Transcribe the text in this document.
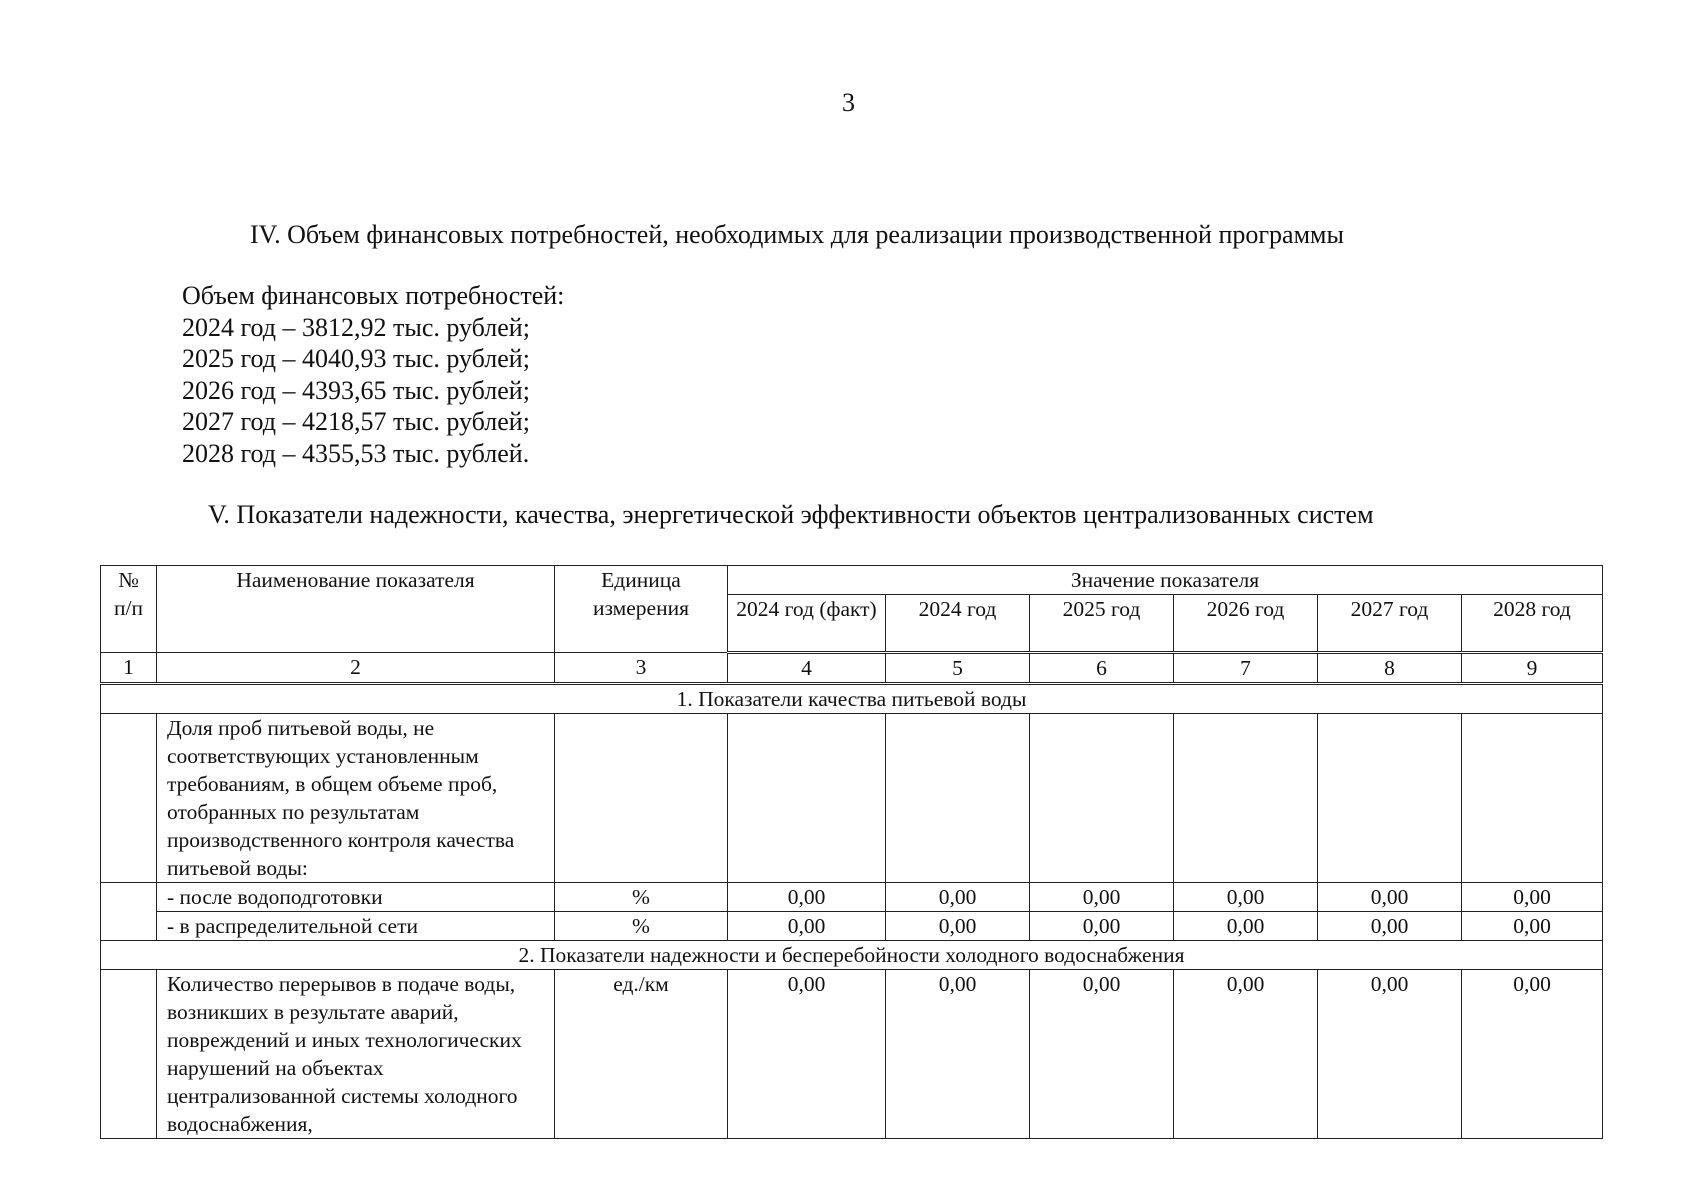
3
IV. Объем финансовых потребностей, необходимых для реализации производственной программы
Объем финансовых потребностей:
2024 год – 3812,92 тыс. рублей;
2025 год – 4040,93 тыс. рублей;
2026 год – 4393,65 тыс. рублей;
2027 год – 4218,57 тыс. рублей;
2028 год – 4355,53 тыс. рублей.
V. Показатели надежности, качества, энергетической эффективности объектов централизованных систем
№ п/п	Наименование показателя	Единица измерения	Значение показателя					
			2024 год (факт)	2024 год	2025 год	2026 год	2027 год	2028 год
1	2	3	4	5	6	7	8	9
1. Показатели качества питьевой воды								
	Доля проб питьевой воды, не соответствующих установленным требованиям, в общем объеме проб, отобранных по результатам производственного контроля качества питьевой воды:							
	- после водоподготовки	%	0,00	0,00	0,00	0,00	0,00	0,00
	- в распределительной сети	%	0,00	0,00	0,00	0,00	0,00	0,00
2. Показатели надежности и бесперебойности холодного водоснабжения								
	Количество перерывов в подаче воды, возникших в результате аварий, повреждений и иных технологических нарушений на объектах централизованной системы холодного водоснабжения,	ед./км	0,00	0,00	0,00	0,00	0,00	0,00
